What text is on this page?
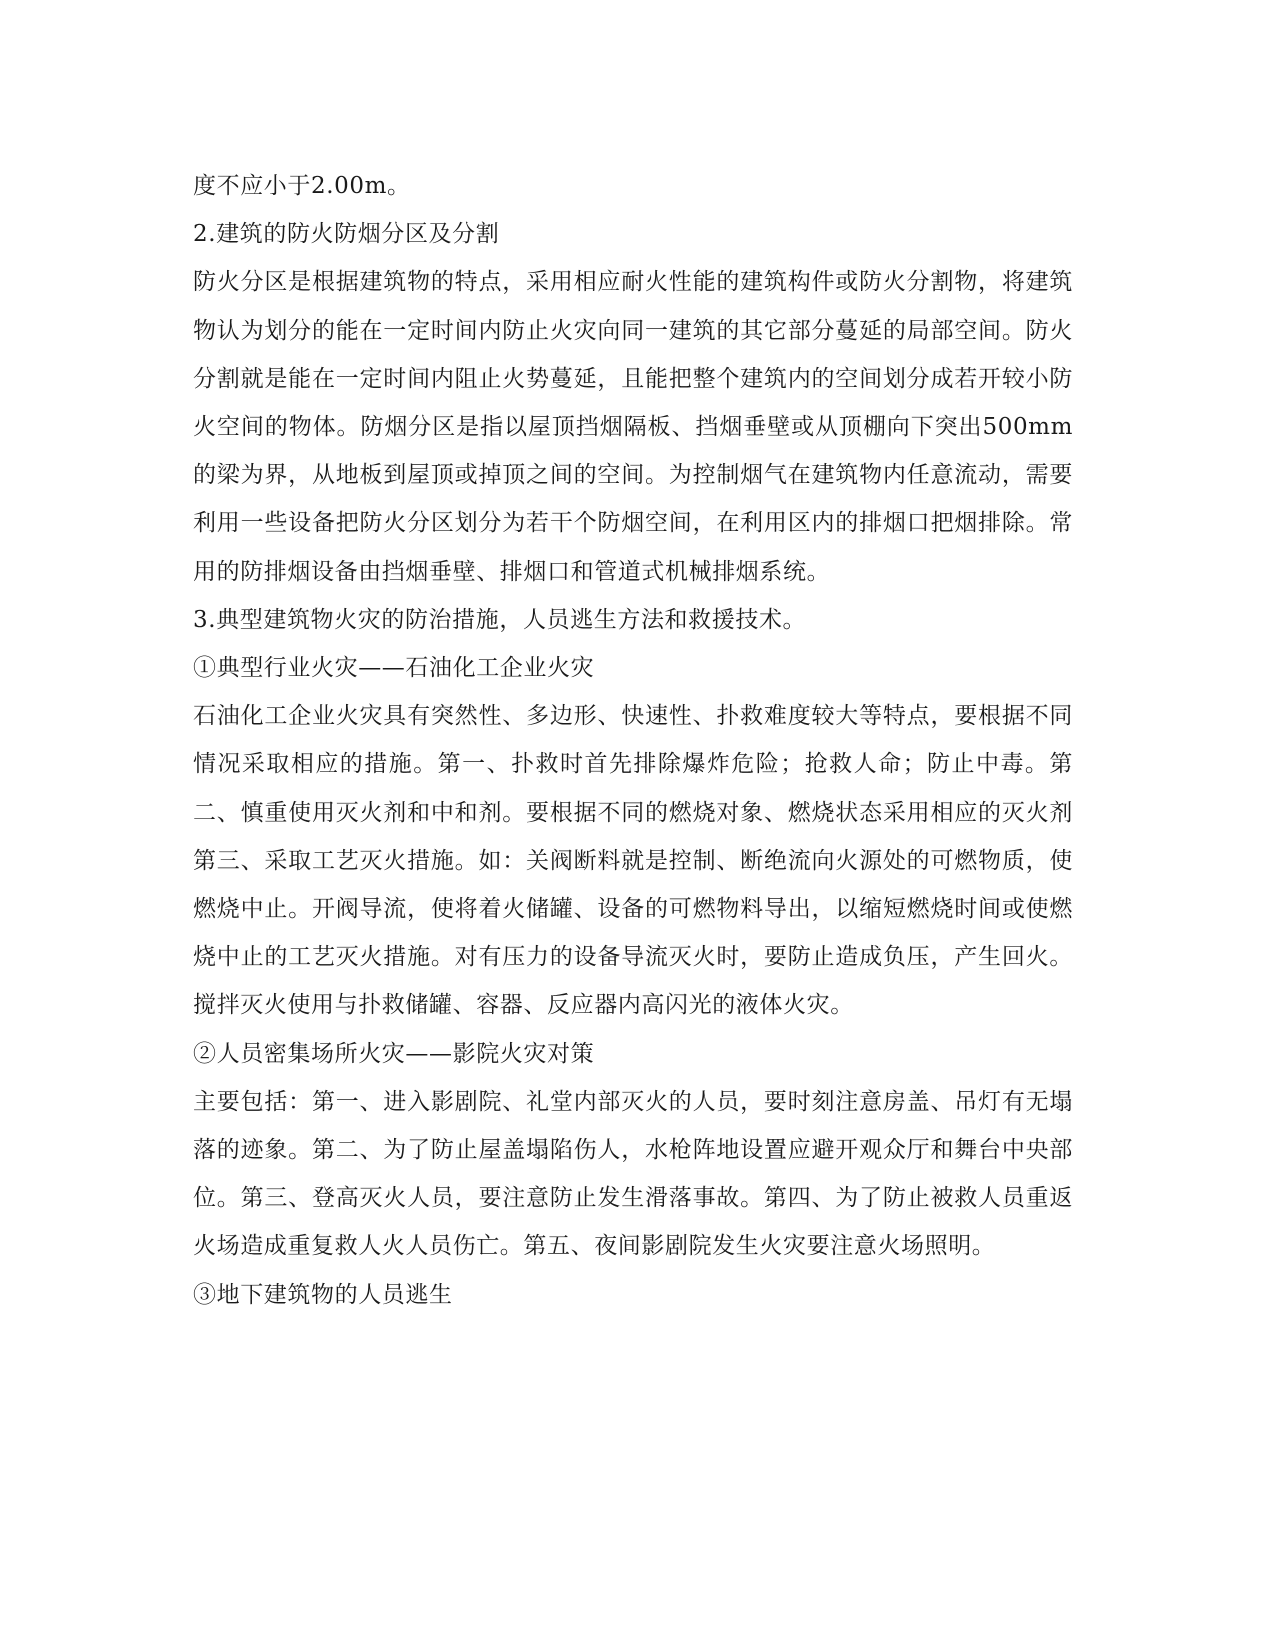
度不应小于2.00m。

2.建筑的防火防烟分区及分割

防火分区是根据建筑物的特点，采用相应耐火性能的建筑构件或防火分割物，将建筑物认为划分的能在一定时间内防止火灾向同一建筑的其它部分蔓延的局部空间。防火分割就是能在一定时间内阻止火势蔓延，且能把整个建筑内的空间划分成若开较小防火空间的物体。防烟分区是指以屋顶挡烟隔板、挡烟垂壁或从顶棚向下突出500mm的梁为界，从地板到屋顶或掉顶之间的空间。为控制烟气在建筑物内任意流动，需要利用一些设备把防火分区划分为若干个防烟空间，在利用区内的排烟口把烟排除。常用的防排烟设备由挡烟垂壁、排烟口和管道式机械排烟系统。

3.典型建筑物火灾的防治措施，人员逃生方法和救援技术。

①典型行业火灾——石油化工企业火灾

石油化工企业火灾具有突然性、多边形、快速性、扑救难度较大等特点，要根据不同情况采取相应的措施。第一、扑救时首先排除爆炸危险；抢救人命；防止中毒。第二、慎重使用灭火剂和中和剂。要根据不同的燃烧对象、燃烧状态采用相应的灭火剂第三、采取工艺灭火措施。如：关阀断料就是控制、断绝流向火源处的可燃物质，使燃烧中止。开阀导流，使将着火储罐、设备的可燃物料导出，以缩短燃烧时间或使燃烧中止的工艺灭火措施。对有压力的设备导流灭火时，要防止造成负压，产生回火。搅拌灭火使用与扑救储罐、容器、反应器内高闪光的液体火灾。

②人员密集场所火灾——影院火灾对策

主要包括：第一、进入影剧院、礼堂内部灭火的人员，要时刻注意房盖、吊灯有无塌落的迹象。第二、为了防止屋盖塌陷伤人，水枪阵地设置应避开观众厅和舞台中央部位。第三、登高灭火人员，要注意防止发生滑落事故。第四、为了防止被救人员重返火场造成重复救人火人员伤亡。第五、夜间影剧院发生火灾要注意火场照明。

③地下建筑物的人员逃生
